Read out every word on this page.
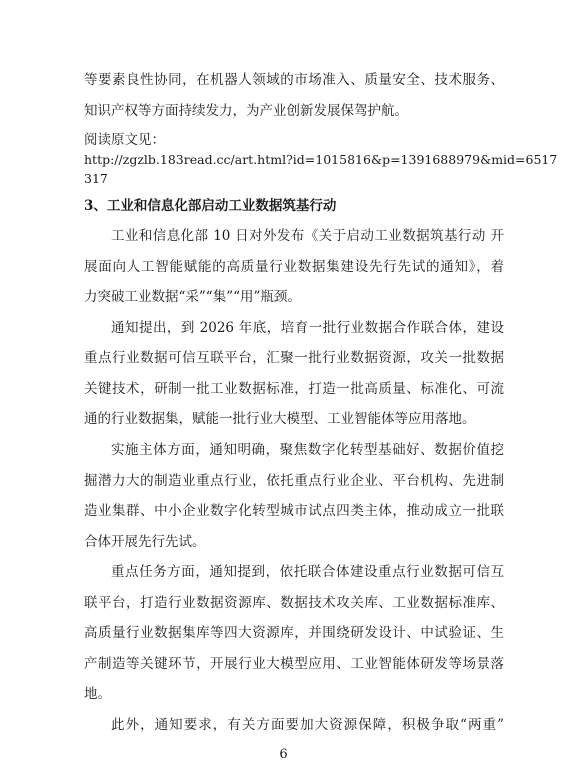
等要素良性协同，在机器人领域的市场准入、质量安全、技术服务、
知识产权等方面持续发力，为产业创新发展保驾护航。
阅读原文见：
http://zgzlb.183read.cc/art.html?id=1015816&p=1391688979&mid=6517
317
3、工业和信息化部启动工业数据筑基行动
工业和信息化部 10 日对外发布《关于启动工业数据筑基行动 开
展面向人工智能赋能的高质量行业数据集建设先行先试的通知》，着
力突破工业数据“采”“集”“用”瓶颈。
通知提出，到 2026 年底，培育一批行业数据合作联合体，建设
重点行业数据可信互联平台，汇聚一批行业数据资源，攻关一批数据
关键技术，研制一批工业数据标准，打造一批高质量、标准化、可流
通的行业数据集，赋能一批行业大模型、工业智能体等应用落地。
实施主体方面，通知明确，聚焦数字化转型基础好、数据价值挖
掘潜力大的制造业重点行业，依托重点行业企业、平台机构、先进制
造业集群、中小企业数字化转型城市试点四类主体，推动成立一批联
合体开展先行先试。
重点任务方面，通知提到，依托联合体建设重点行业数据可信互
联平台，打造行业数据资源库、数据技术攻关库、工业数据标准库、
高质量行业数据集库等四大资源库，并围绕研发设计、中试验证、生
产制造等关键环节，开展行业大模型应用、工业智能体研发等场景落
地。
此外，通知要求，有关方面要加大资源保障，积极争取“两重”
6
